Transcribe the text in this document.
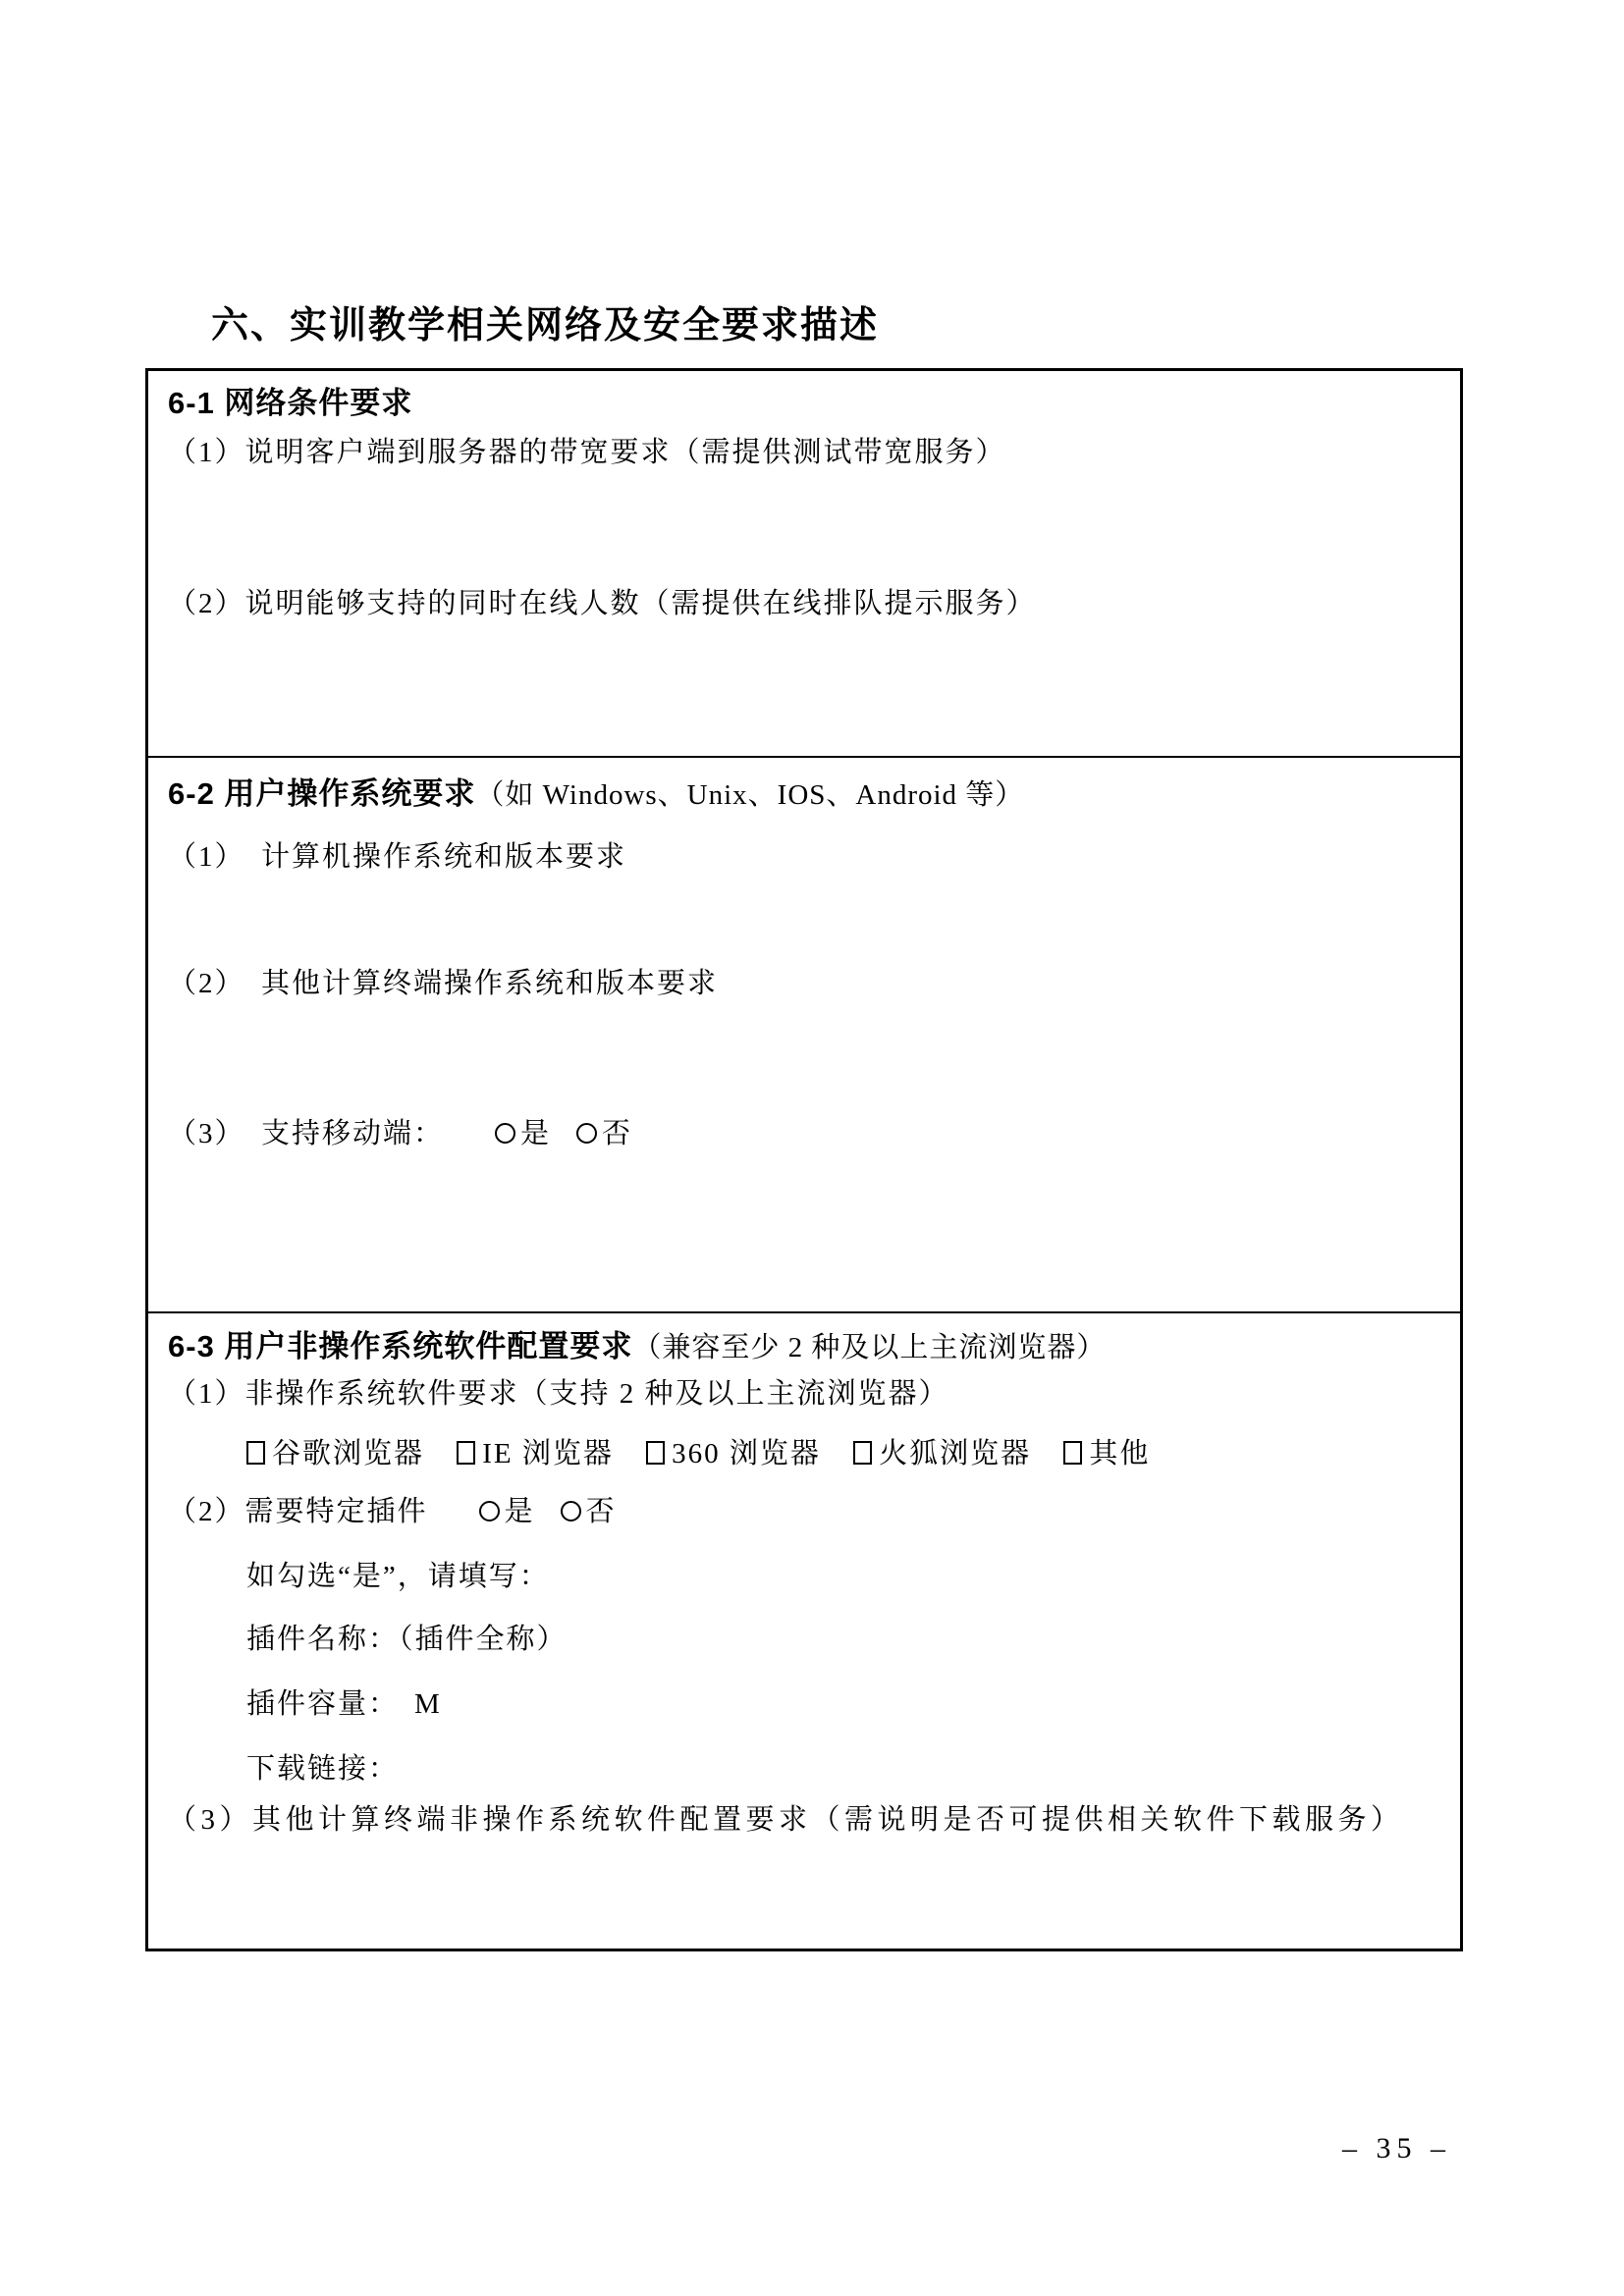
六、实训教学相关网络及安全要求描述
6-1 网络条件要求

（1）说明客户端到服务器的带宽要求（需提供测试带宽服务）

（2）说明能够支持的同时在线人数（需提供在线排队提示服务）

6-2 用户操作系统要求（如 Windows、Unix、IOS、Android 等）

（1）　计算机操作系统和版本要求

（2）　其他计算终端操作系统和版本要求

（3）　支持移动端：	是 否

6-3 用户非操作系统软件配置要求（兼容至少 2 种及以上主流浏览器）

（1）非操作系统软件要求（支持 2 种及以上主流浏览器）

谷歌浏览器 IE 浏览器 360 浏览器 火狐浏览器 其他

（2）需要特定插件	是 否

如勾选“是”，请填写：

插件名称：（插件全称）

插件容量： M

下载链接：

（3）其他计算终端非操作系统软件配置要求（需说明是否可提供相关软件下载服务）

– 35 –
